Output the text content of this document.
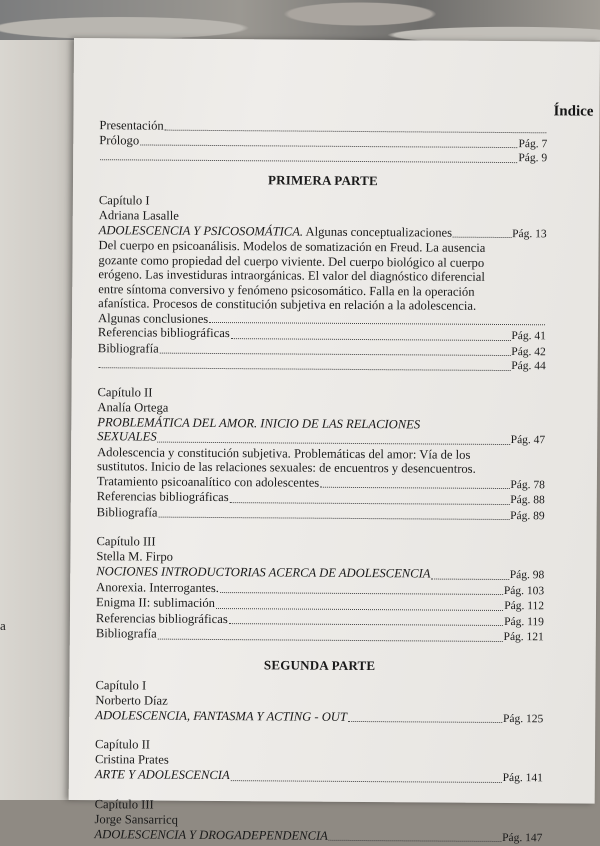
a
Índice
Presentación
Prólogo	Pág. 7
Pág. 9
PRIMERA PARTE
Capítulo I
Adriana Lasalle
ADOLESCENCIA Y PSICOSOMÁTICA. Algunas conceptualizaciones	Pág. 13
Del cuerpo en psicoanálisis. Modelos de somatización en Freud. La ausencia
gozante como propiedad del cuerpo viviente. Del cuerpo biológico al cuerpo
erógeno. Las investiduras intraorgánicas. El valor del diagnóstico diferencial
entre síntoma conversivo y fenómeno psicosomático. Falla en la operación
afanística. Procesos de constitución subjetiva en relación a la adolescencia.
Algunas conclusiones
Referencias bibliográficas	Pág. 41
Bibliografía	Pág. 42
Pág. 44
Capítulo II
Analía Ortega
PROBLEMÁTICA DEL AMOR. INICIO DE LAS RELACIONES
SEXUALES	Pág. 47
Adolescencia y constitución subjetiva. Problemáticas del amor: Vía de los
sustitutos. Inicio de las relaciones sexuales: de encuentros y desencuentros.
Tratamiento psicoanalítico con adolescentes	Pág. 78
Referencias bibliográficas	Pág. 88
Bibliografía	Pág. 89
Capítulo III
Stella M. Firpo
NOCIONES INTRODUCTORIAS ACERCA DE ADOLESCENCIA	Pág. 98
Anorexia. Interrogantes.	Pág. 103
Enigma II: sublimación	Pág. 112
Referencias bibliográficas	Pág. 119
Bibliografía	Pág. 121
SEGUNDA PARTE
Capítulo I
Norberto Díaz
ADOLESCENCIA, FANTASMA Y ACTING - OUT	Pág. 125
Capítulo II
Cristina Prates
ARTE Y ADOLESCENCIA	Pág. 141
Capítulo III
Jorge Sansarricq
ADOLESCENCIA Y DROGADEPENDENCIA	Pág. 147
